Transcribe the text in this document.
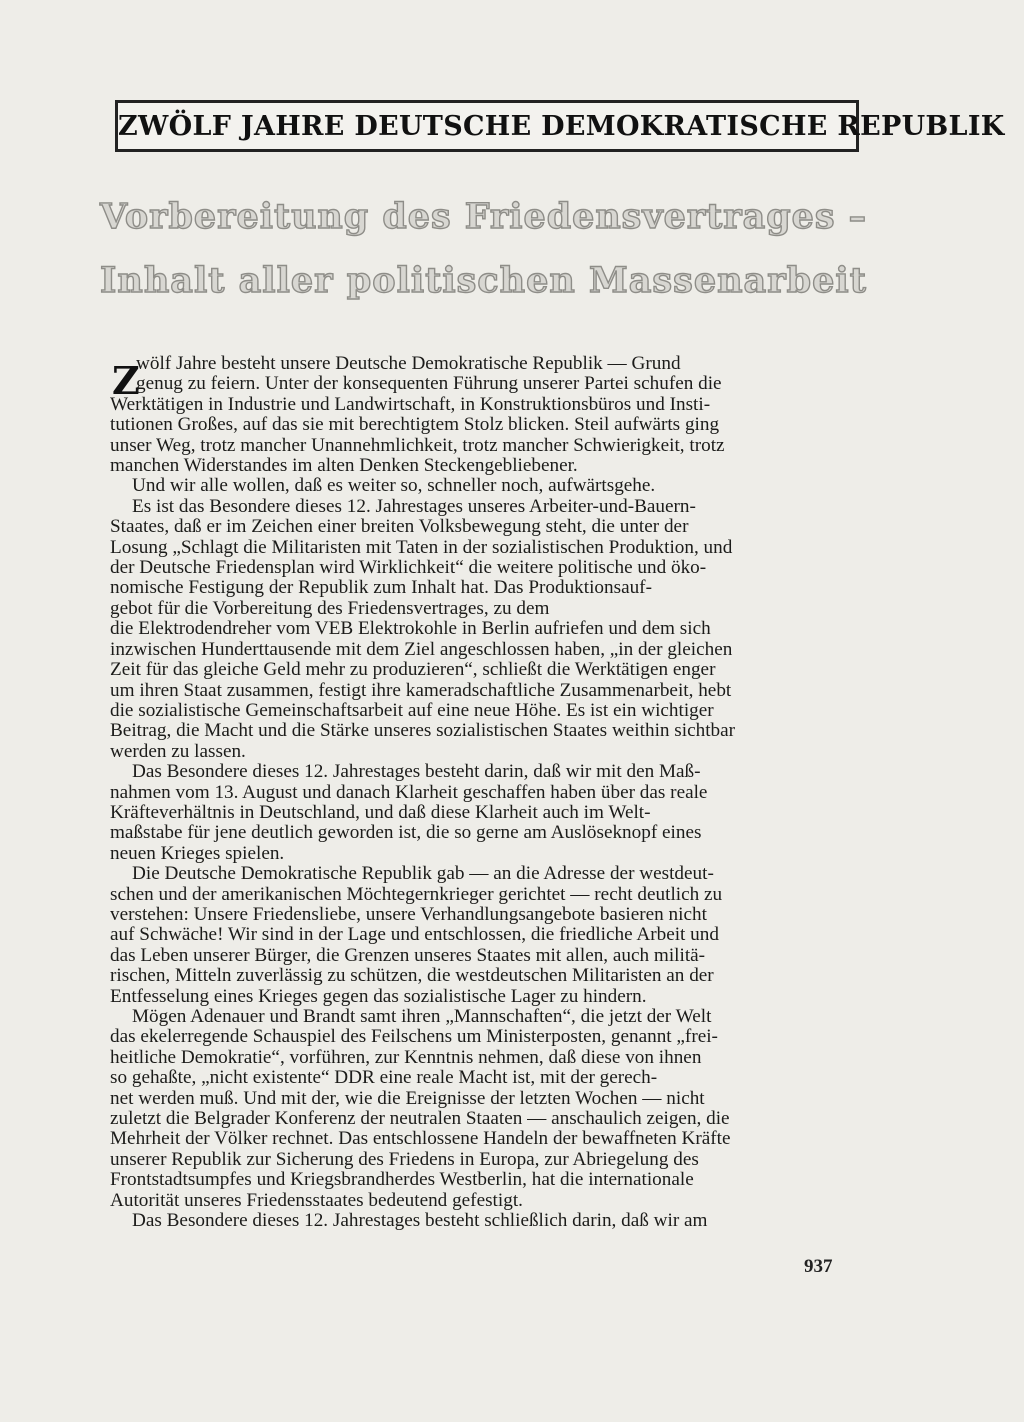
ZWÖLF JAHRE DEUTSCHE DEMOKRATISCHE REPUBLIK
Vorbereitung des Friedensvertrages –
Inhalt aller politischen Massenarbeit
Z
wölf Jahre besteht unsere Deutsche Demokratische Republik — Grund
genug zu feiern. Unter der konsequenten Führung unserer Partei schufen die
Werktätigen in Industrie und Landwirtschaft, in Konstruktionsbüros und Insti-
tutionen Großes, auf das sie mit berechtigtem Stolz blicken. Steil aufwärts ging
unser Weg, trotz mancher Unannehmlichkeit, trotz mancher Schwierigkeit, trotz
manchen Widerstandes im alten Denken Steckengebliebener.
Und wir alle wollen, daß es weiter so, schneller noch, aufwärtsgehe.
Es ist das Besondere dieses 12. Jahrestages unseres Arbeiter-und-Bauern-
Staates, daß er im Zeichen einer breiten Volksbewegung steht, die unter der
Losung „Schlagt die Militaristen mit Taten in der sozialistischen Produktion, und
der Deutsche Friedensplan wird Wirklichkeit“ die weitere politische und öko-
nomische Festigung der Republik zum Inhalt hat. Das Produktionsauf-
gebot für die Vorbereitung des Friedensvertrages, zu dem
die Elektrodendreher vom VEB Elektrokohle in Berlin aufriefen und dem sich
inzwischen Hunderttausende mit dem Ziel angeschlossen haben, „in der gleichen
Zeit für das gleiche Geld mehr zu produzieren“, schließt die Werktätigen enger
um ihren Staat zusammen, festigt ihre kameradschaftliche Zusammenarbeit, hebt
die sozialistische Gemeinschaftsarbeit auf eine neue Höhe. Es ist ein wichtiger
Beitrag, die Macht und die Stärke unseres sozialistischen Staates weithin sichtbar
werden zu lassen.
Das Besondere dieses 12. Jahrestages besteht darin, daß wir mit den Maß-
nahmen vom 13. August und danach Klarheit geschaffen haben über das reale
Kräfteverhältnis in Deutschland, und daß diese Klarheit auch im Welt-
maßstabe für jene deutlich geworden ist, die so gerne am Auslöseknopf eines
neuen Krieges spielen.
Die Deutsche Demokratische Republik gab — an die Adresse der westdeut-
schen und der amerikanischen Möchtegernkrieger gerichtet — recht deutlich zu
verstehen: Unsere Friedensliebe, unsere Verhandlungsangebote basieren nicht
auf Schwäche! Wir sind in der Lage und entschlossen, die friedliche Arbeit und
das Leben unserer Bürger, die Grenzen unseres Staates mit allen, auch militä-
rischen, Mitteln zuverlässig zu schützen, die westdeutschen Militaristen an der
Entfesselung eines Krieges gegen das sozialistische Lager zu hindern.
Mögen Adenauer und Brandt samt ihren „Mannschaften“, die jetzt der Welt
das ekelerregende Schauspiel des Feilschens um Ministerposten, genannt „frei-
heitliche Demokratie“, vorführen, zur Kenntnis nehmen, daß diese von ihnen
so gehaßte, „nicht existente“ DDR eine reale Macht ist, mit der gerech-
net werden muß. Und mit der, wie die Ereignisse der letzten Wochen — nicht
zuletzt die Belgrader Konferenz der neutralen Staaten — anschaulich zeigen, die
Mehrheit der Völker rechnet. Das entschlossene Handeln der bewaffneten Kräfte
unserer Republik zur Sicherung des Friedens in Europa, zur Abriegelung des
Frontstadtsumpfes und Kriegsbrandherdes Westberlin, hat die internationale
Autorität unseres Friedensstaates bedeutend gefestigt.
Das Besondere dieses 12. Jahrestages besteht schließlich darin, daß wir am
937
